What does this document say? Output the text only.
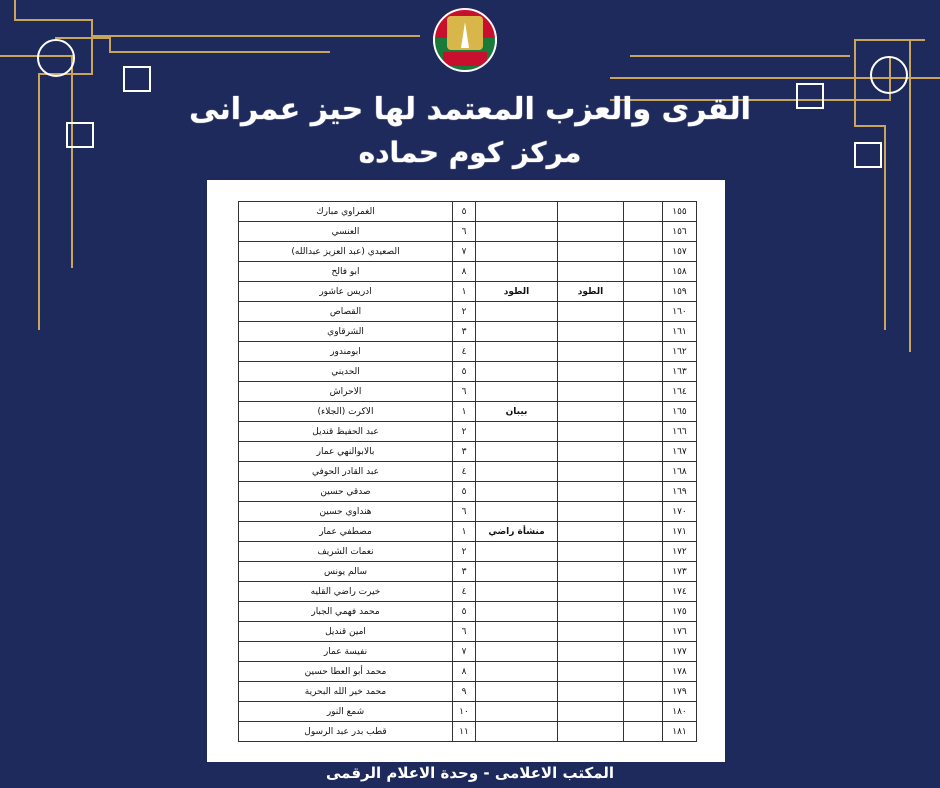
القرى والعزب المعتمد لها حيز عمرانى
مركز كوم حماده
١٥٥				٥	الغمراوي مبارك
١٥٦				٦	العنسي
١٥٧				٧	الصعيدي (عبد العزيز عبدالله)
١٥٨				٨	ابو فالح
١٥٩		الطود	الطود	١	ادريس عاشور
١٦٠				٢	القصاص
١٦١				٣	الشرقاوي
١٦٢				٤	ابومندور
١٦٣				٥	الحديني
١٦٤				٦	الاحراش
١٦٥			بيبان	١	الاكرت (الجلاء)
١٦٦				٢	عبد الحفيظ قنديل
١٦٧				٣	بالابوالنهي عمار
١٦٨				٤	عبد القادر الحوفي
١٦٩				٥	صدقي حسين
١٧٠				٦	هنداوي حسين
١٧١			منشأة راضي	١	مصطفي عمار
١٧٢				٢	نعمات الشريف
١٧٣				٣	سالم يونس
١٧٤				٤	خيرت راضي القليه
١٧٥				٥	محمد فهمي الجبار
١٧٦				٦	امين قنديل
١٧٧				٧	نفيسة عمار
١٧٨				٨	محمد أبو العطا حسين
١٧٩				٩	محمد خير الله البحرية
١٨٠				١٠	شمع النور
١٨١				١١	قطب بدر عبد الرسول
المكتب الاعلامى - وحدة الاعلام الرقمى
